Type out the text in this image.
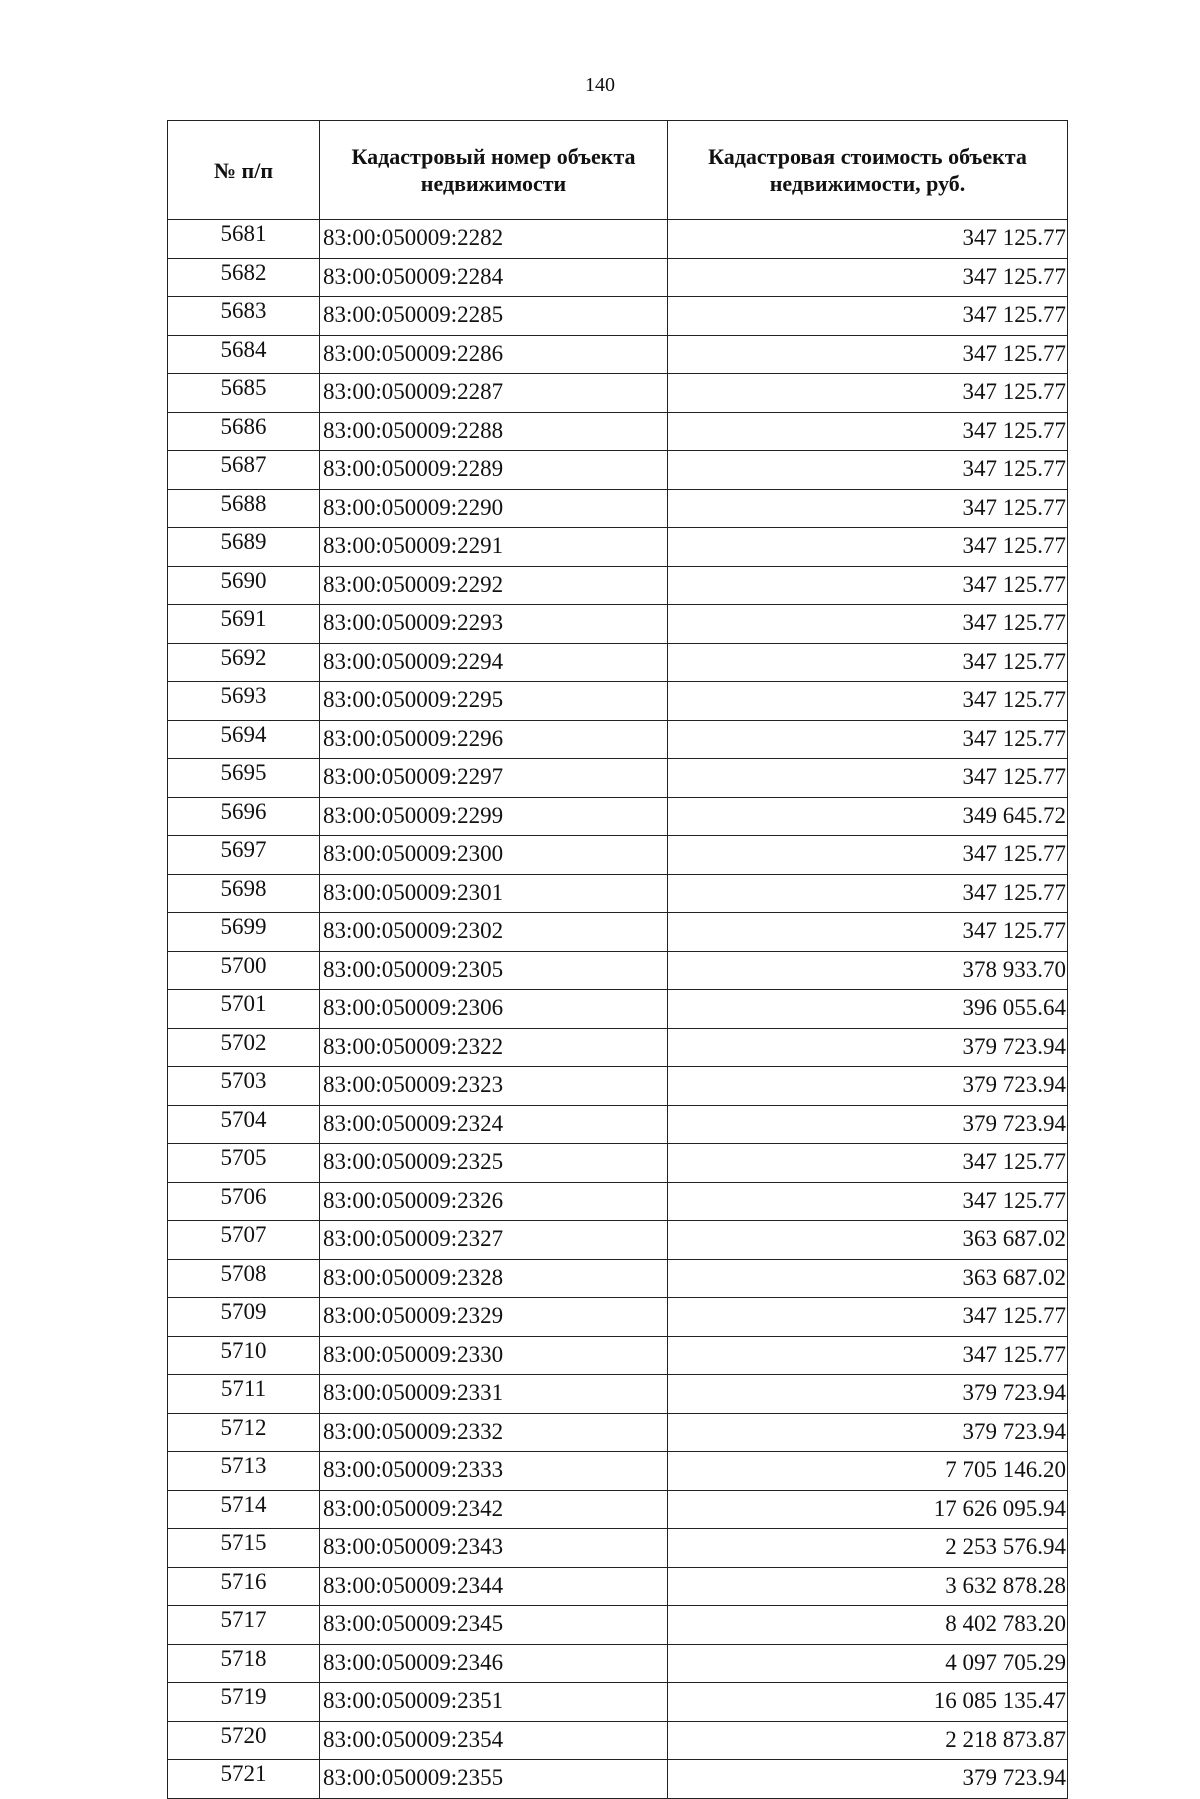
140
№ п/п	Кадастровый номер объекта недвижимости	Кадастровая стоимость объекта недвижимости, руб.
5681	83:00:050009:2282	347 125.77
5682	83:00:050009:2284	347 125.77
5683	83:00:050009:2285	347 125.77
5684	83:00:050009:2286	347 125.77
5685	83:00:050009:2287	347 125.77
5686	83:00:050009:2288	347 125.77
5687	83:00:050009:2289	347 125.77
5688	83:00:050009:2290	347 125.77
5689	83:00:050009:2291	347 125.77
5690	83:00:050009:2292	347 125.77
5691	83:00:050009:2293	347 125.77
5692	83:00:050009:2294	347 125.77
5693	83:00:050009:2295	347 125.77
5694	83:00:050009:2296	347 125.77
5695	83:00:050009:2297	347 125.77
5696	83:00:050009:2299	349 645.72
5697	83:00:050009:2300	347 125.77
5698	83:00:050009:2301	347 125.77
5699	83:00:050009:2302	347 125.77
5700	83:00:050009:2305	378 933.70
5701	83:00:050009:2306	396 055.64
5702	83:00:050009:2322	379 723.94
5703	83:00:050009:2323	379 723.94
5704	83:00:050009:2324	379 723.94
5705	83:00:050009:2325	347 125.77
5706	83:00:050009:2326	347 125.77
5707	83:00:050009:2327	363 687.02
5708	83:00:050009:2328	363 687.02
5709	83:00:050009:2329	347 125.77
5710	83:00:050009:2330	347 125.77
5711	83:00:050009:2331	379 723.94
5712	83:00:050009:2332	379 723.94
5713	83:00:050009:2333	7 705 146.20
5714	83:00:050009:2342	17 626 095.94
5715	83:00:050009:2343	2 253 576.94
5716	83:00:050009:2344	3 632 878.28
5717	83:00:050009:2345	8 402 783.20
5718	83:00:050009:2346	4 097 705.29
5719	83:00:050009:2351	16 085 135.47
5720	83:00:050009:2354	2 218 873.87
5721	83:00:050009:2355	379 723.94
